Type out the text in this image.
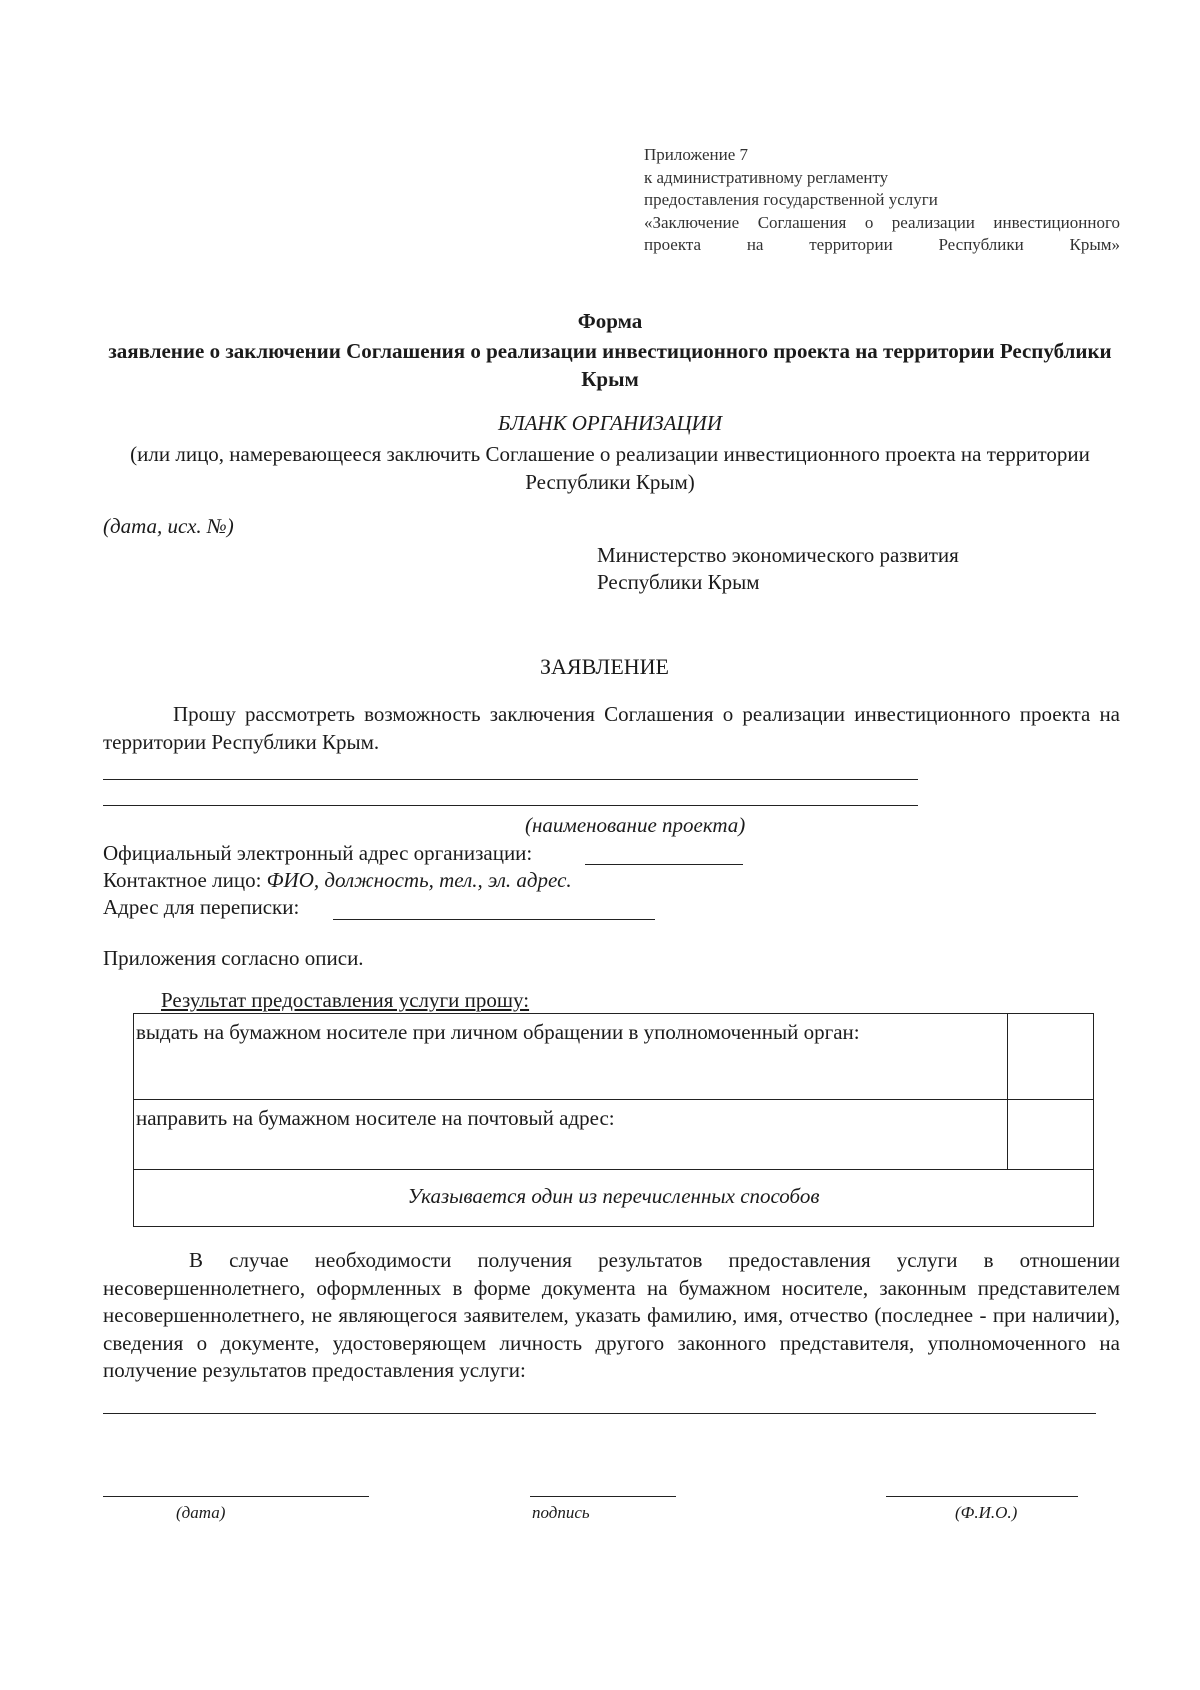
Приложение 7
к административному регламенту
предоставления государственной услуги
«Заключение Соглашения о реализации инвестиционного проекта на территории Республики Крым»
Форма
заявление о заключении Соглашения о реализации инвестиционного проекта на территории Республики Крым
БЛАНК ОРГАНИЗАЦИИ
(или лицо, намеревающееся заключить Соглашение о реализации инвестиционного проекта на территории Республики Крым)
(дата, исх. №)
Министерство экономического развития
Республики Крым
ЗАЯВЛЕНИЕ
Прошу рассмотреть возможность заключения Соглашения о реализации инвестиционного проекта на территории Республики Крым.
(наименование проекта)
Официальный электронный адрес организации:
Контактное лицо: ФИО, должность, тел., эл. адрес.
Адрес для переписки:
Приложения согласно описи.
Результат предоставления услуги прошу:
выдать на бумажном носителе при личном обращении в уполномоченный орган:
направить на бумажном носителе на почтовый адрес:
Указывается один из перечисленных способов
В случае необходимости получения результатов предоставления услуги в отношении несовершеннолетнего, оформленных в форме документа на бумажном носителе, законным представителем несовершеннолетнего, не являющегося заявителем, указать фамилию, имя, отчество (последнее - при наличии), сведения о документе, удостоверяющем личность другого законного представителя, уполномоченного на получение результатов предоставления услуги:
(дата)	подпись	(Ф.И.О.)
